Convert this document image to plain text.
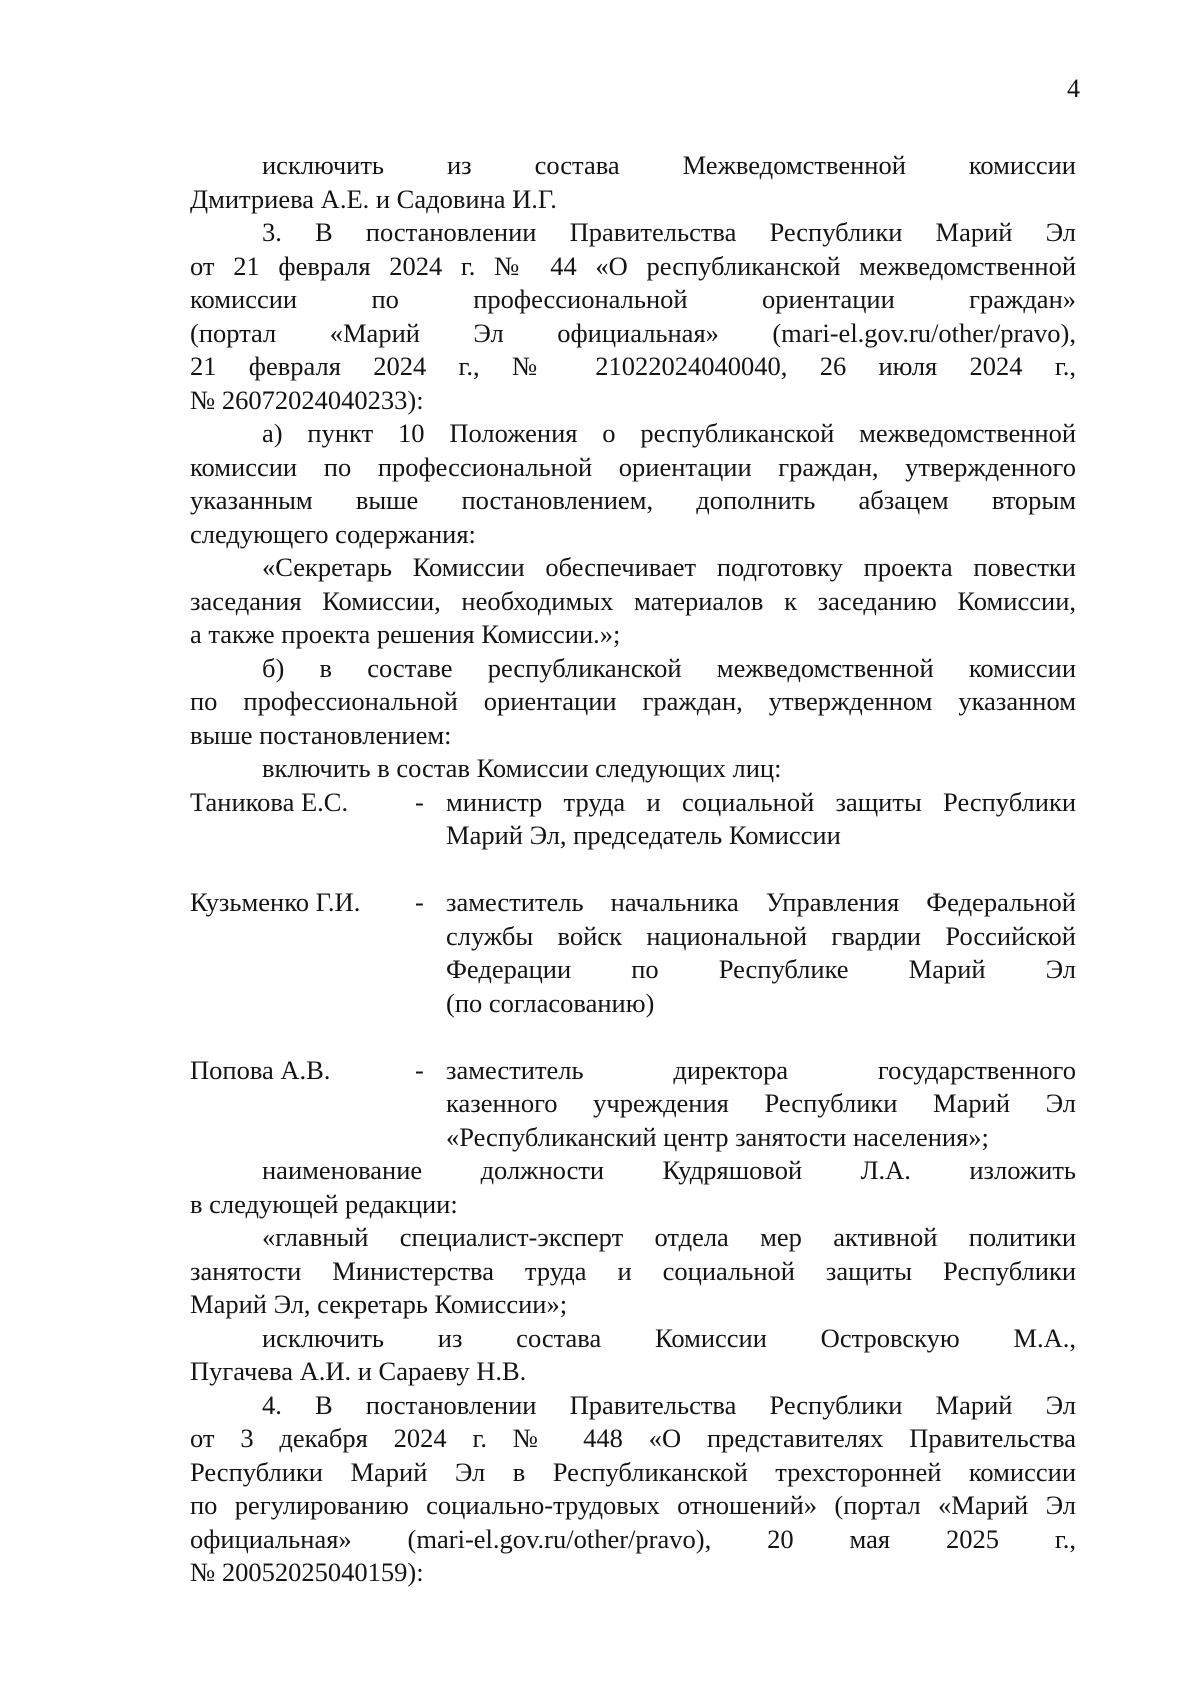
4
исключить из состава Межведомственной комиссии
Дмитриева А.Е. и Садовина И.Г.
3. В постановлении Правительства Республики Марий Эл
от 21 февраля 2024 г. № 44 «О республиканской межведомственной
комиссии по профессиональной ориентации граждан»
(портал «Марий Эл официальная» (mari-el.gov.ru/other/pravo),
21 февраля 2024 г., № 21022024040040, 26 июля 2024 г.,
№ 26072024040233):
а) пункт 10 Положения о республиканской межведомственной
комиссии по профессиональной ориентации граждан, утвержденного
указанным выше постановлением, дополнить абзацем вторым
следующего содержания:
«Секретарь Комиссии обеспечивает подготовку проекта повестки
заседания Комиссии, необходимых материалов к заседанию Комиссии,
а также проекта решения Комиссии.»;
б) в составе республиканской межведомственной комиссии
по профессиональной ориентации граждан, утвержденном указанном
выше постановлением:
включить в состав Комиссии следующих лиц:
Таникова Е.С.	- министр труда и социальной защиты Республики
Марий Эл, председатель Комиссии
Кузьменко Г.И.	- заместитель начальника Управления Федеральной
службы войск национальной гвардии Российской
Федерации по Республике Марий Эл
(по согласованию)
Попова А.В.	- заместитель директора государственного
казенного учреждения Республики Марий Эл
«Республиканский центр занятости населения»;
наименование должности Кудряшовой Л.А. изложить
в следующей редакции:
«главный специалист-эксперт отдела мер активной политики
занятости Министерства труда и социальной защиты Республики
Марий Эл, секретарь Комиссии»;
исключить из состава Комиссии Островскую М.А.,
Пугачева А.И. и Сараеву Н.В.
4. В постановлении Правительства Республики Марий Эл
от 3 декабря 2024 г. № 448 «О представителях Правительства
Республики Марий Эл в Республиканской трехсторонней комиссии
по регулированию социально-трудовых отношений» (портал «Марий Эл
официальная» (mari-el.gov.ru/other/pravo), 20 мая 2025 г.,
№ 20052025040159):
